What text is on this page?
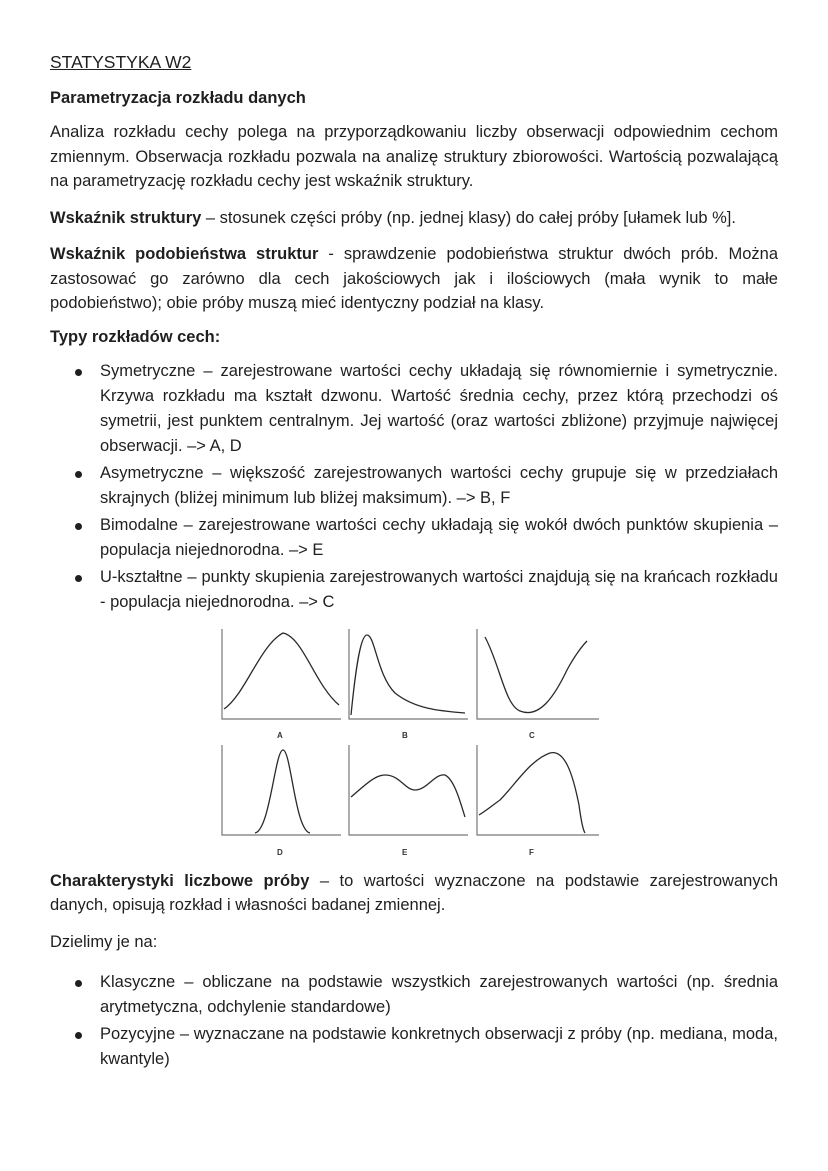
STATYSTYKA W2
Parametryzacja rozkładu danych

Analiza rozkładu cechy polega na przyporządkowaniu liczby obserwacji odpowiednim cechom zmiennym. Obserwacja rozkładu pozwala na analizę struktury zbiorowości. Wartością pozwalającą na parametryzację rozkładu cechy jest wskaźnik struktury.

Wskaźnik struktury – stosunek części próby (np. jednej klasy) do całej próby [ułamek lub %].

Wskaźnik podobieństwa struktur - sprawdzenie podobieństwa struktur dwóch prób. Można zastosować go zarówno dla cech jakościowych jak i ilościowych (mała wynik to małe podobieństwo); obie próby muszą mieć identyczny podział na klasy.

Typy rozkładów cech:
Symetryczne – zarejestrowane wartości cechy układają się równomiernie i symetrycznie. Krzywa rozkładu ma kształt dzwonu. Wartość średnia cechy, przez którą przechodzi oś symetrii, jest punktem centralnym. Jej wartość (oraz wartości zbliżone) przyjmuje najwięcej obserwacji. –> A, D
Asymetryczne – większość zarejestrowanych wartości cechy grupuje się w przedziałach skrajnych (bliżej minimum lub bliżej maksimum). –> B, F
Bimodalne – zarejestrowane wartości cechy układają się wokół dwóch punktów skupienia – populacja niejednorodna. –> E
U-kształtne – punkty skupienia zarejestrowanych wartości znajdują się na krańcach rozkładu - populacja niejednorodna. –> C
A	B	C
D	E	F

Charakterystyki liczbowe próby – to wartości wyznaczone na podstawie zarejestrowanych danych, opisują rozkład i własności badanej zmiennej.

Dzielimy je na:

Klasyczne – obliczane na podstawie wszystkich zarejestrowanych wartości (np. średnia arytmetyczna, odchylenie standardowe)
Pozycyjne – wyznaczane na podstawie konkretnych obserwacji z próby (np. mediana, moda, kwantyle)
